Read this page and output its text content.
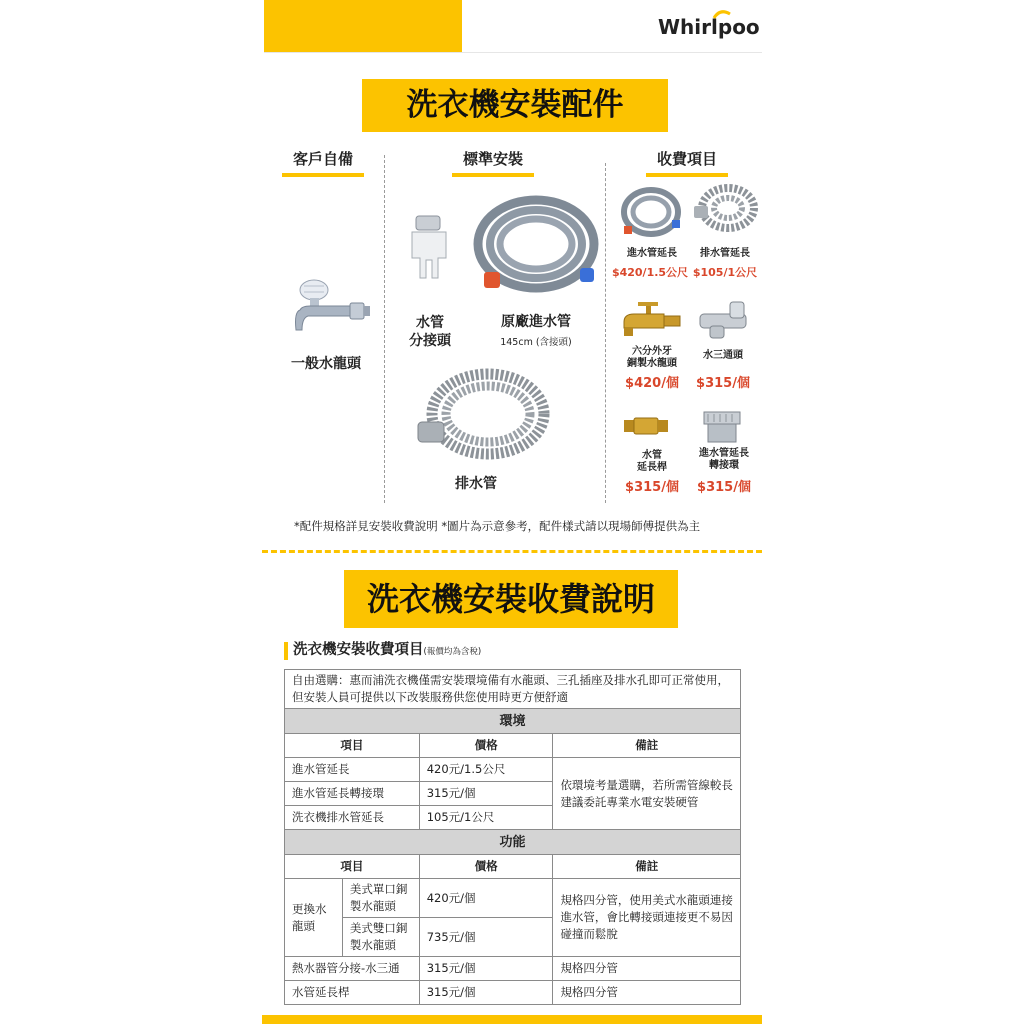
Whirlpool
洗衣機安裝配件
客戶自備	標準安裝	收費項目
一般水龍頭
水管
分接頭
原廠進水管
145cm (含接頭)
排水管
進水管延長
$420/1.5公尺
排水管延長
$105/1公尺
六分外牙
銅製水龍頭
$420/個
水三通頭
$315/個
水管
延長桿
$315/個
進水管延長
轉接環
$315/個
*配件規格詳見安裝收費說明 *圖片為示意參考，配件樣式請以現場師傅提供為主
洗衣機安裝收費說明
洗衣機安裝收費項目(報價均為含稅)
自由選購：惠而浦洗衣機僅需安裝環境備有水龍頭、三孔插座及排水孔即可正常使用，但安裝人員可提供以下改裝服務供您使用時更方便舒適			
環境			
項目		價格	備註
進水管延長		420元/1.5公尺	依環境考量選購，若所需管線較長建議委託專業水電安裝硬管
進水管延長轉接環		315元/個	
洗衣機排水管延長		105元/1公尺	
功能			
項目		價格	備註
更換水龍頭	美式單口銅製水龍頭	420元/個	規格四分管，使用美式水龍頭連接進水管，會比轉接頭連接更不易因碰撞而鬆脫
	美式雙口銅製水龍頭	735元/個	
熱水器管分接-水三通		315元/個	規格四分管
水管延長桿		315元/個	規格四分管
